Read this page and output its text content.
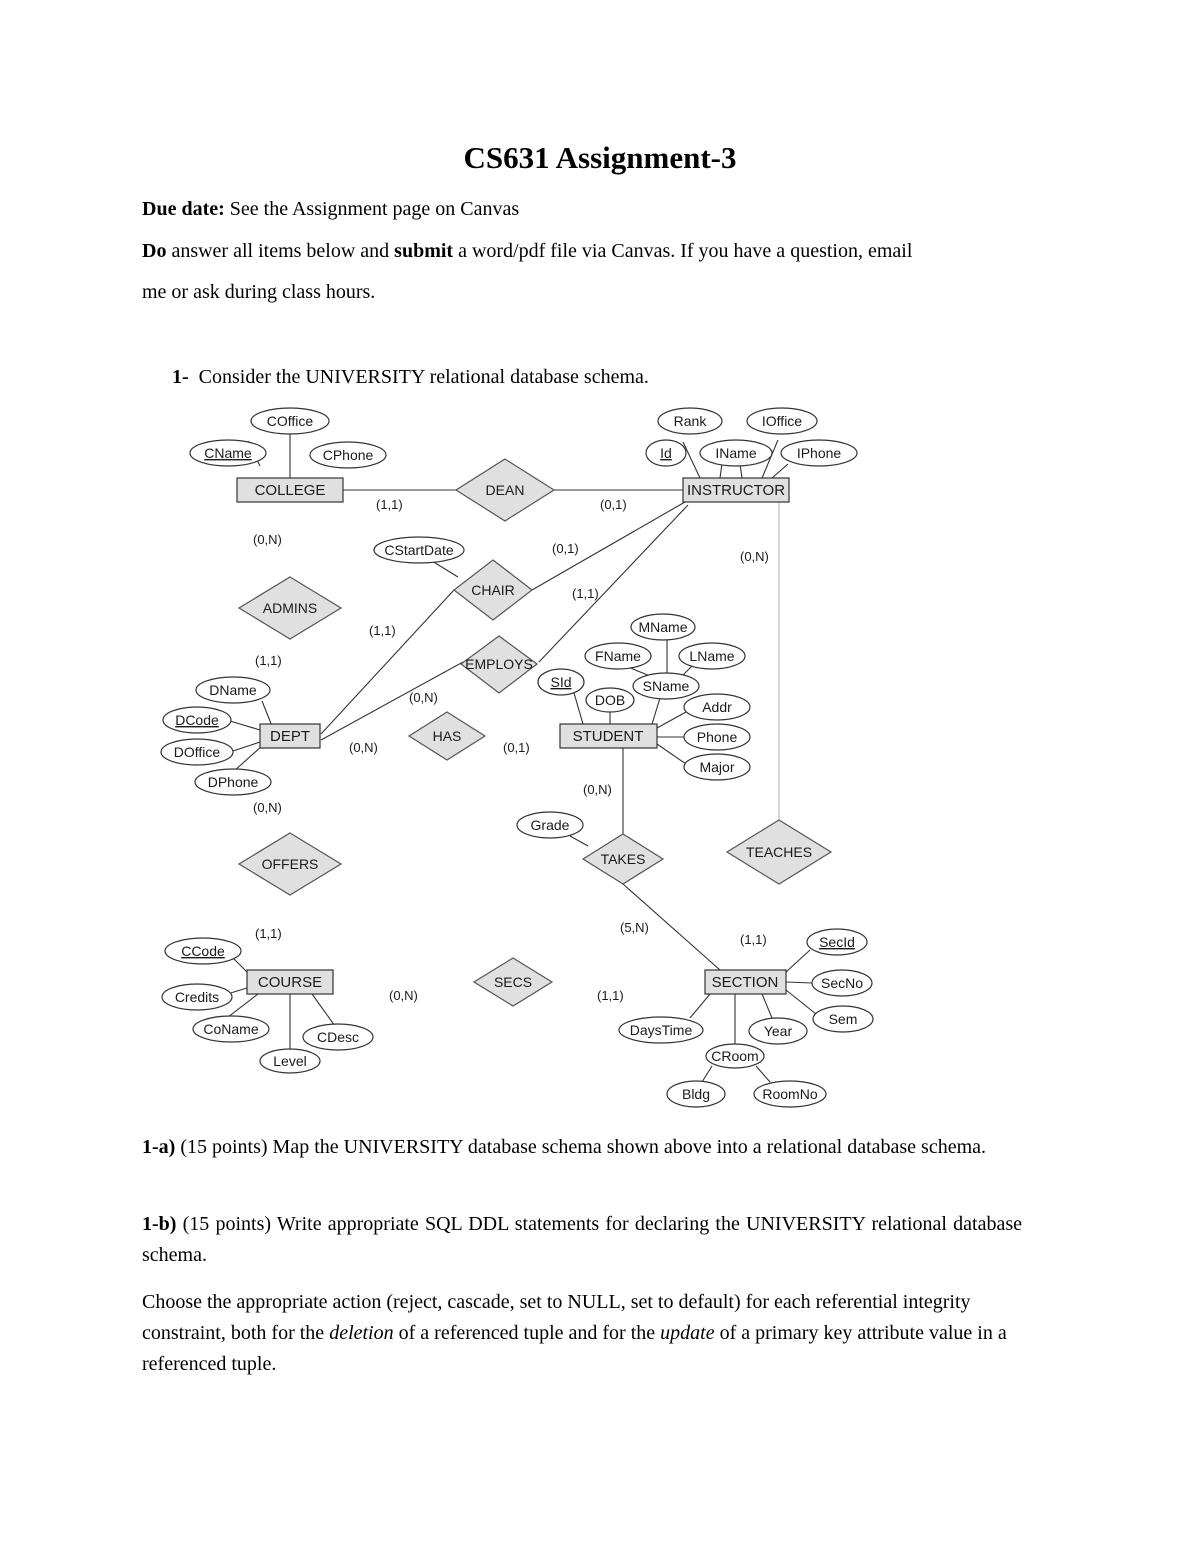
CS631 Assignment-3
Due date: See the Assignment page on Canvas
Do answer all items below and submit a word/pdf file via Canvas. If you have a question, email
me or ask during class hours.
1- Consider the UNIVERSITY relational database schema.
COLLEGE	INSTRUCTOR
DEPT	STUDENT
COURSE	SECTION
DEAN
CHAIR
ADMINS
EMPLOYS
HAS
TAKES	TEACHES
OFFERS
SECS
COffice
CName	CPhone
Rank	IOffice
Id	IName	IPhone
CStartDate
MName
FName	LName
SId	SName
DOB	Addr
Phone
Major
DName
DCode
DOffice
DPhone
Grade
CCode
Credits
CoName	CDesc
Level
SecId
SecNo
Sem
Year
DaysTime
CRoom
Bldg	RoomNo
(1,1)	(0,1)
(0,N)
(0,1)
(0,N)
(1,1)
(1,1)
(1,1)
(0,N)
(0,N)	(0,1)
(0,N)
(0,N)
(5,N)
(1,1)	(1,1)
(1,1)
(0,N)
1-a) (15 points) Map the UNIVERSITY database schema shown above into a relational database schema.
1-b) (15 points) Write appropriate SQL DDL statements for declaring the UNIVERSITY relational database schema.
Choose the appropriate action (reject, cascade, set to NULL, set to default) for each referential integrity constraint, both for the deletion of a referenced tuple and for the update of a primary key attribute value in a referenced tuple.
